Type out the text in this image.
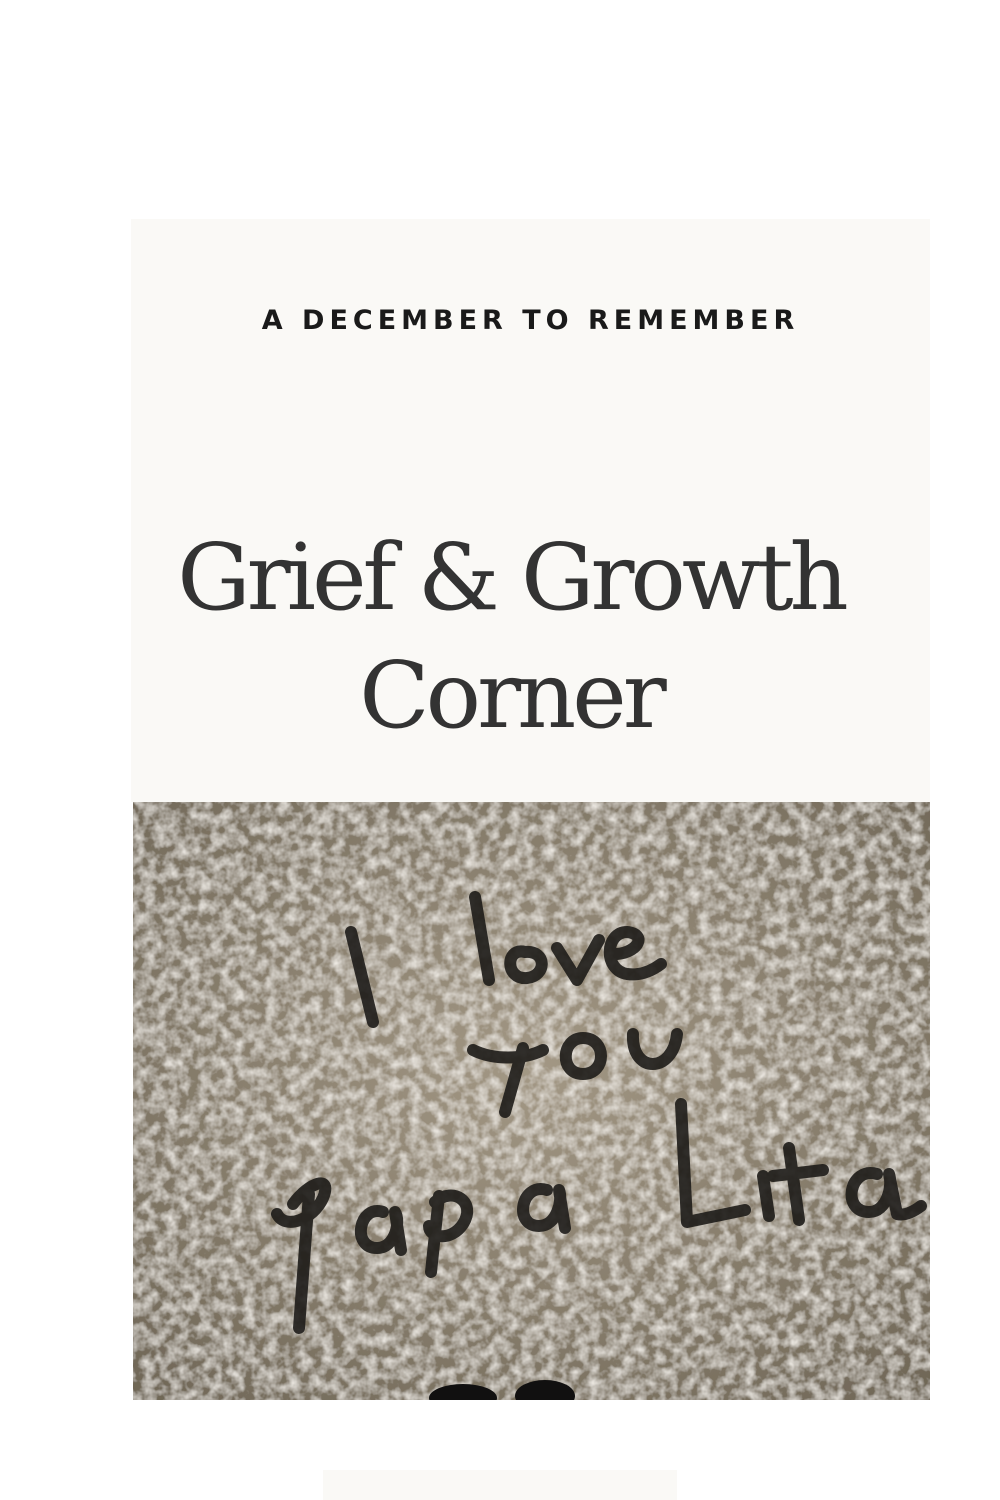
A DECEMBER TO REMEMBER
Grief & Growth
Corner
